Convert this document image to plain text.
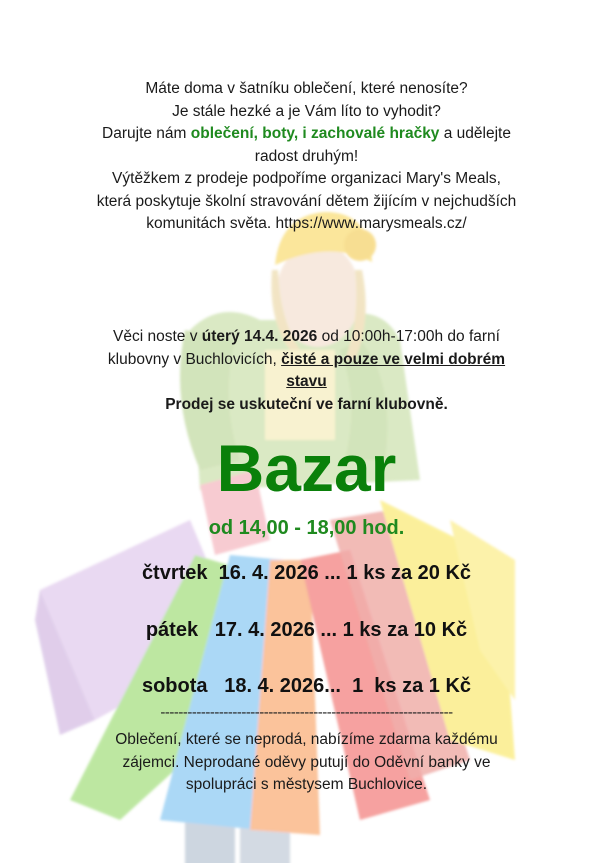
Máte doma v šatníku oblečení, které nenosíte?
Je stále hezké a je Vám líto to vyhodit?
Darujte nám oblečení, boty, i zachovalé hračky a udělejte
radost druhým!
Výtěžkem z prodeje podpoříme organizaci Mary's Meals,
která poskytuje školní stravování dětem žijícím v nejchudších
komunitách světa. https://www.marysmeals.cz/
Věci noste v úterý 14.4. 2026 od 10:00h-17:00h do farní
klubovny v Buchlovicích, čisté a pouze ve velmi dobrém
stavu
Prodej se uskuteční ve farní klubovně.
Bazar
od 14,00 - 18,00 hod.
čtvrtek  16. 4. 2026 ... 1 ks za 20 Kč
pátek   17. 4. 2026 ... 1 ks za 10 Kč
sobota   18. 4. 2026...  1  ks za 1 Kč
-----------------------------------------------------------------
Oblečení, které se neprodá, nabízíme zdarma každému
zájemci. Neprodané oděvy putují do Oděvní banky ve
spolupráci s městysem Buchlovice.
